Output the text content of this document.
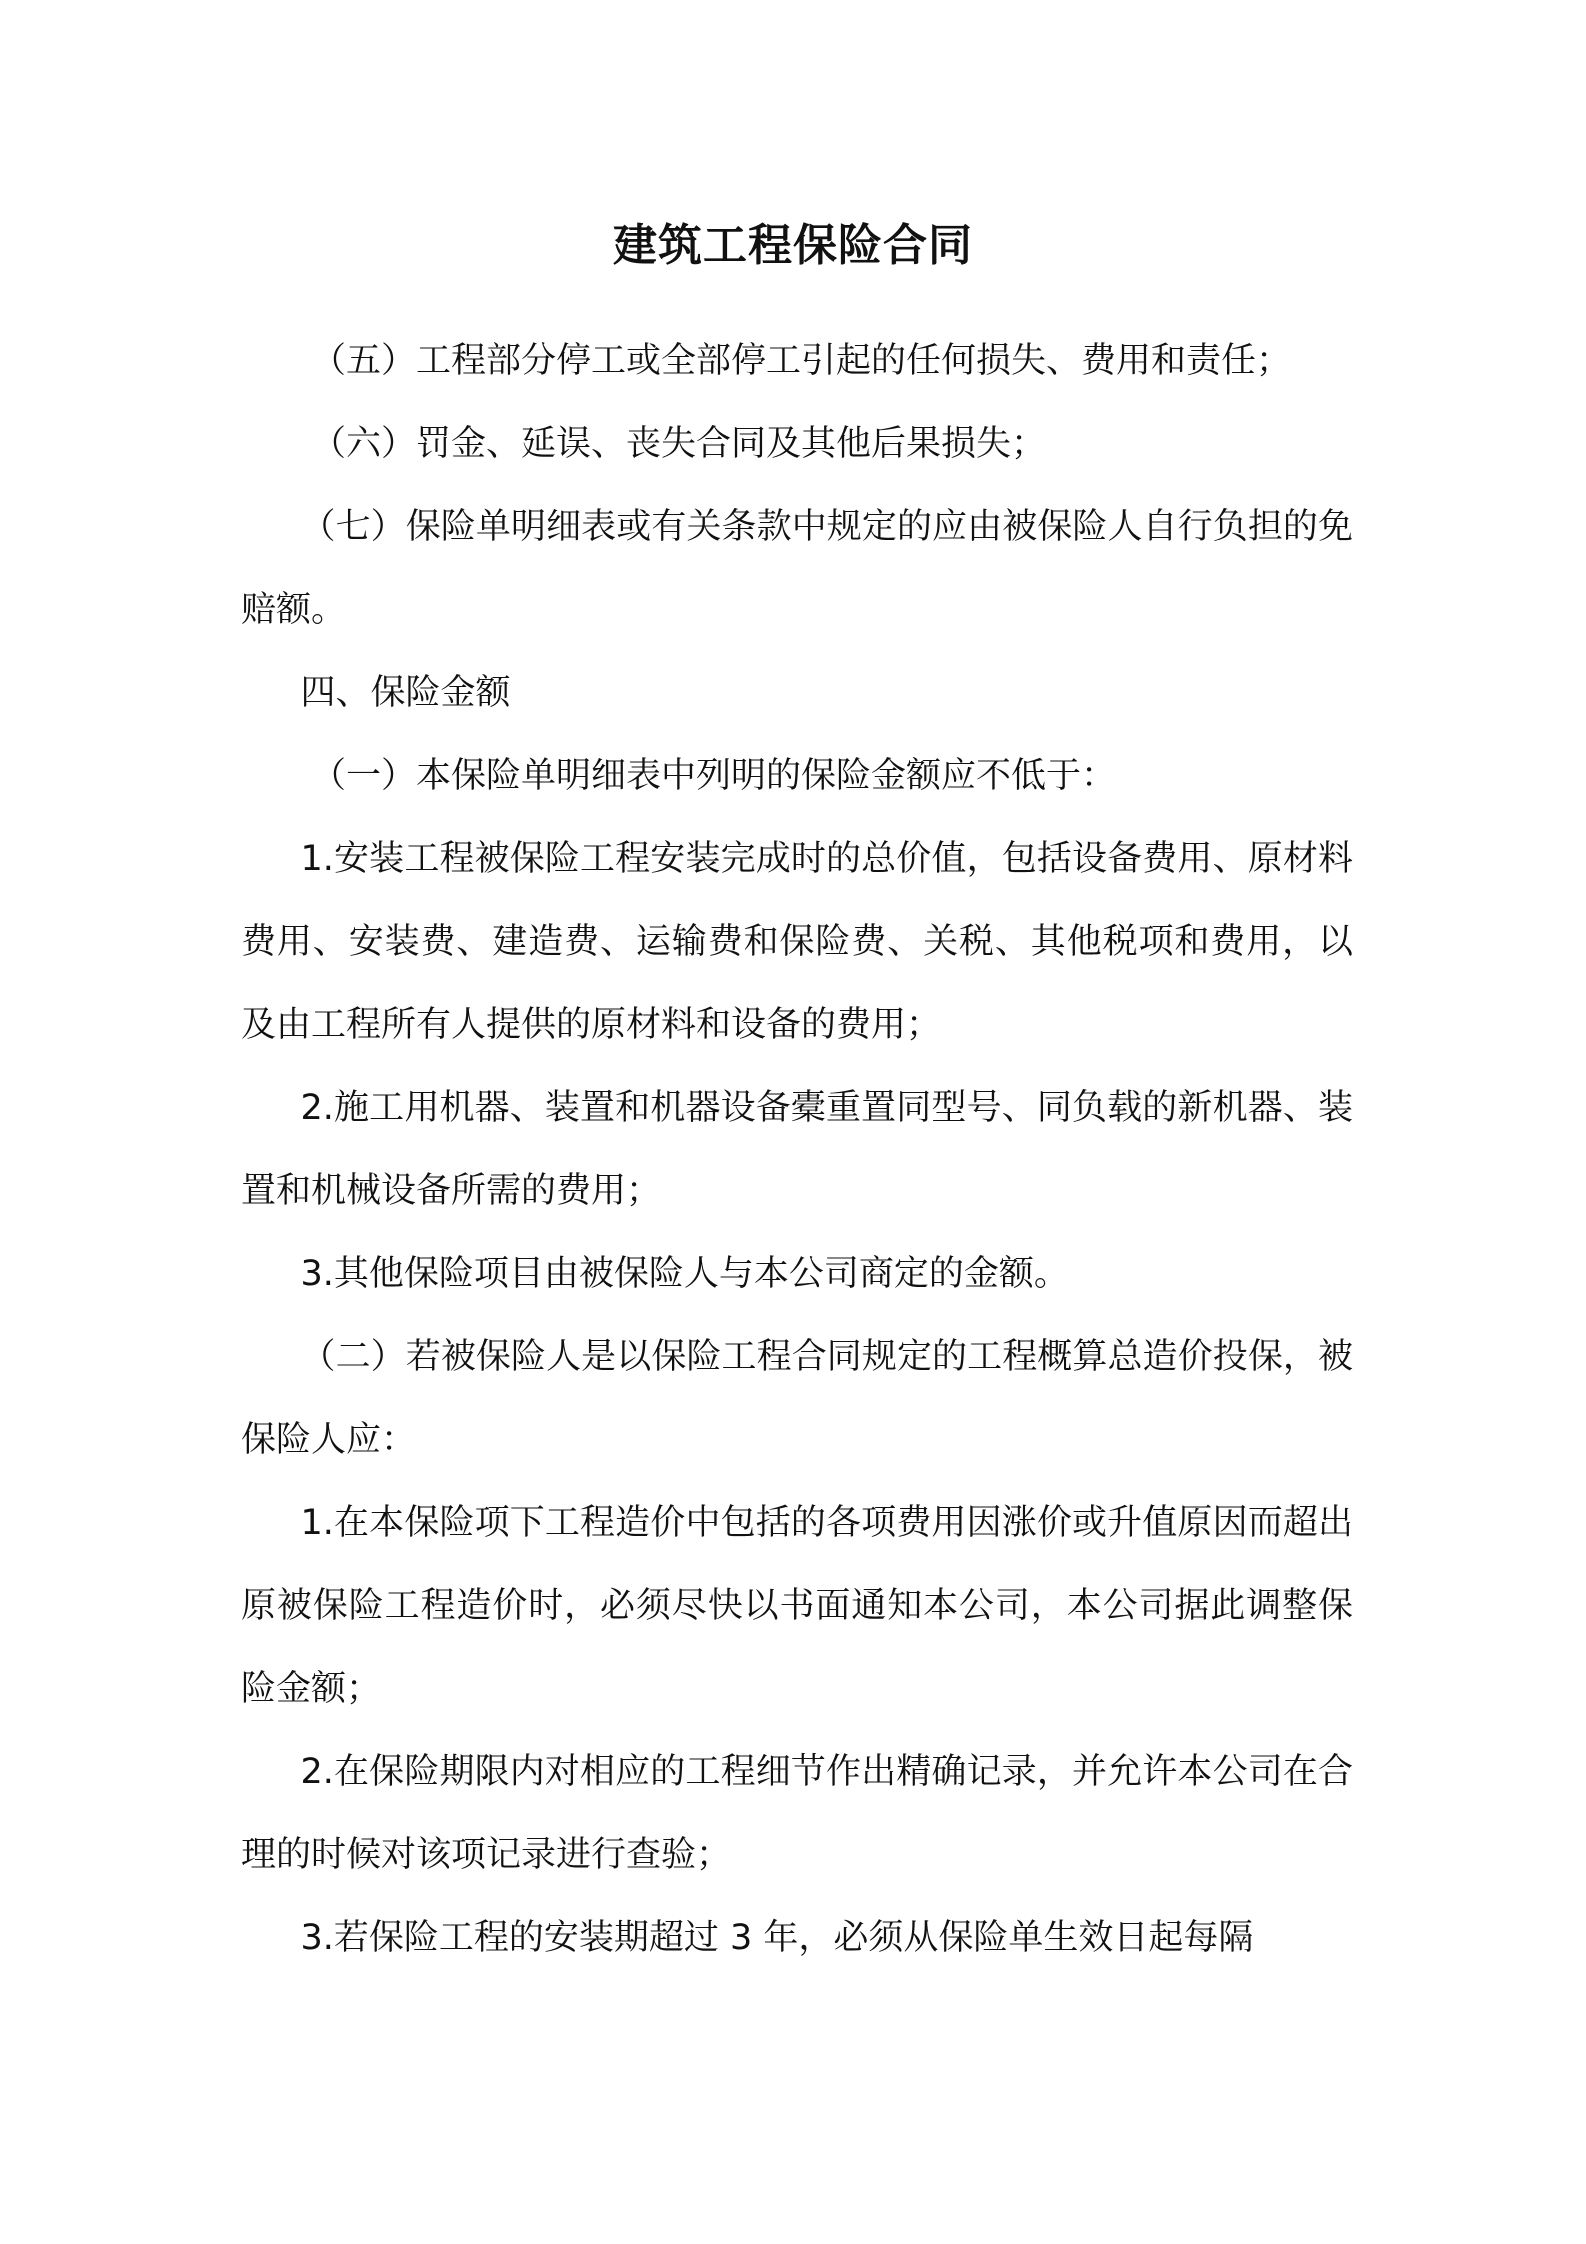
建筑工程保险合同

（五）工程部分停工或全部停工引起的任何损失、费用和责任；

（六）罚金、延误、丧失合同及其他后果损失；

（七）保险单明细表或有关条款中规定的应由被保险人自行负担的免赔额。

四、保险金额

（一）本保险单明细表中列明的保险金额应不低于：

1.安装工程被保险工程安装完成时的总价值，包括设备费用、原材料费用、安装费、建造费、运输费和保险费、关税、其他税项和费用，以及由工程所有人提供的原材料和设备的费用；

2.施工用机器、装置和机器设备橐重置同型号、同负载的新机器、装置和机械设备所需的费用；

3.其他保险项目由被保险人与本公司商定的金额。

（二）若被保险人是以保险工程合同规定的工程概算总造价投保，被保险人应：

1.在本保险项下工程造价中包括的各项费用因涨价或升值原因而超出原被保险工程造价时，必须尽快以书面通知本公司，本公司据此调整保险金额；

2.在保险期限内对相应的工程细节作出精确记录，并允许本公司在合理的时候对该项记录进行查验；

3.若保险工程的安装期超过 3 年，必须从保险单生效日起每隔
